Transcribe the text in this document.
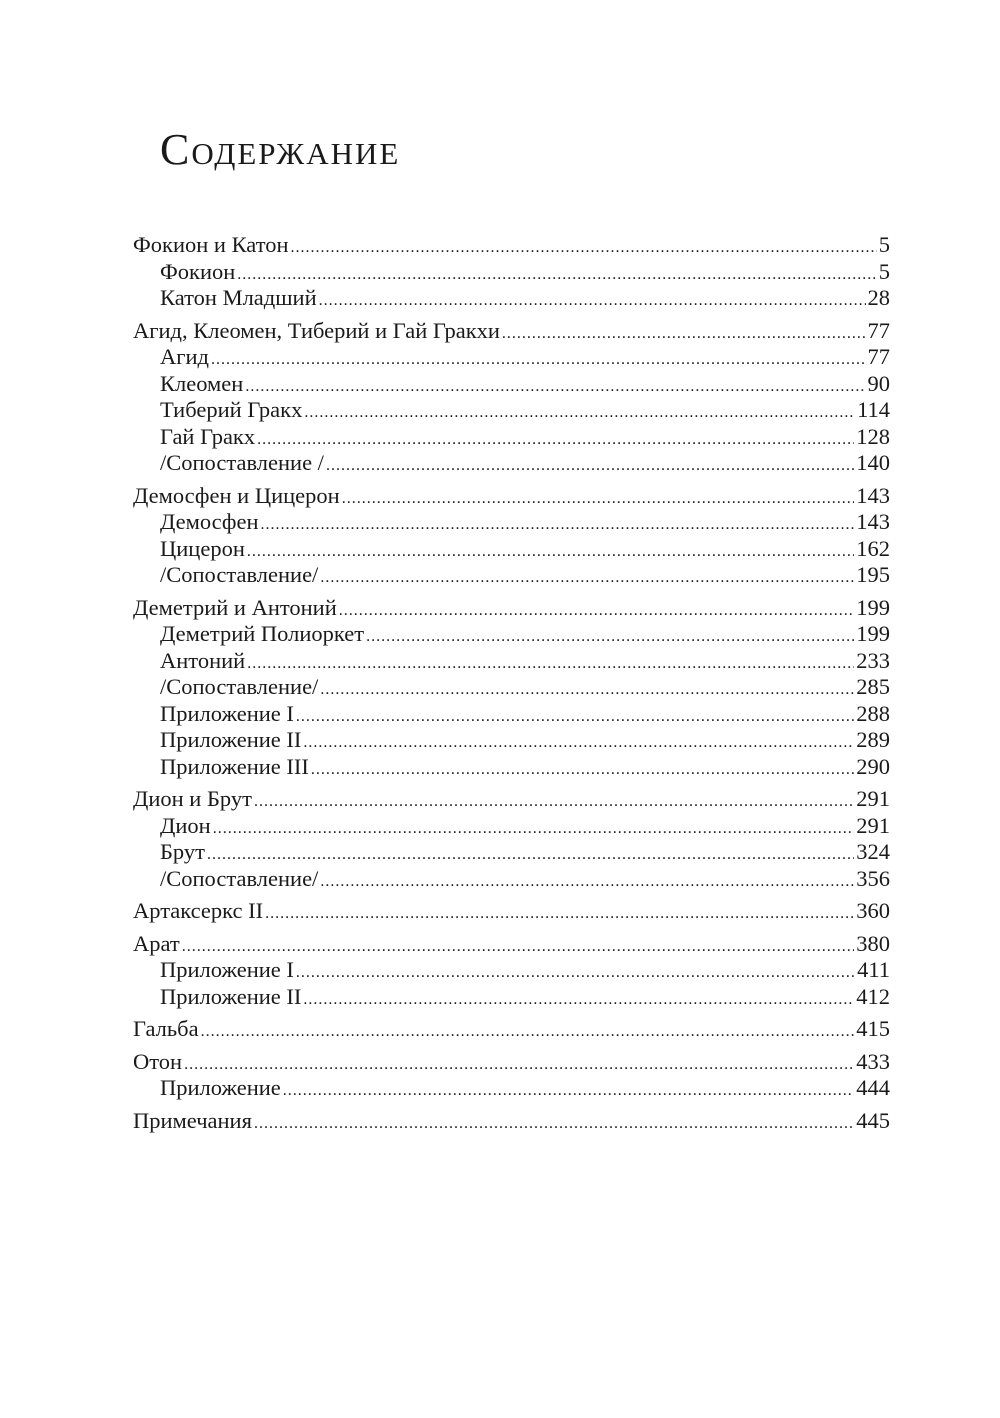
Содержание
Фокион и Катон .....	5
Фокион .....	5
Катон Младший .....	28
Агид, Клеомен, Тиберий и Гай Гракхи .....	77
Агид .....	77
Клеомен .....	90
Тиберий Гракх .....	114
Гай Гракх .....	128
/Сопоставление / .....	140
Демосфен и Цицерон .....	143
Демосфен .....	143
Цицерон .....	162
/Сопоставление/ .....	195
Деметрий и Антоний .....	199
Деметрий Полиоркет .....	199
Антоний .....	233
/Сопоставление/ .....	285
Приложение I .....	288
Приложение II .....	289
Приложение III .....	290
Дион и Брут .....	291
Дион .....	291
Брут .....	324
/Сопоставление/ .....	356
Артаксеркс II .....	360
Арат .....	380
Приложение I .....	411
Приложение II .....	412
Гальба .....	415
Отон .....	433
Приложение .....	444
Примечания .....	445
